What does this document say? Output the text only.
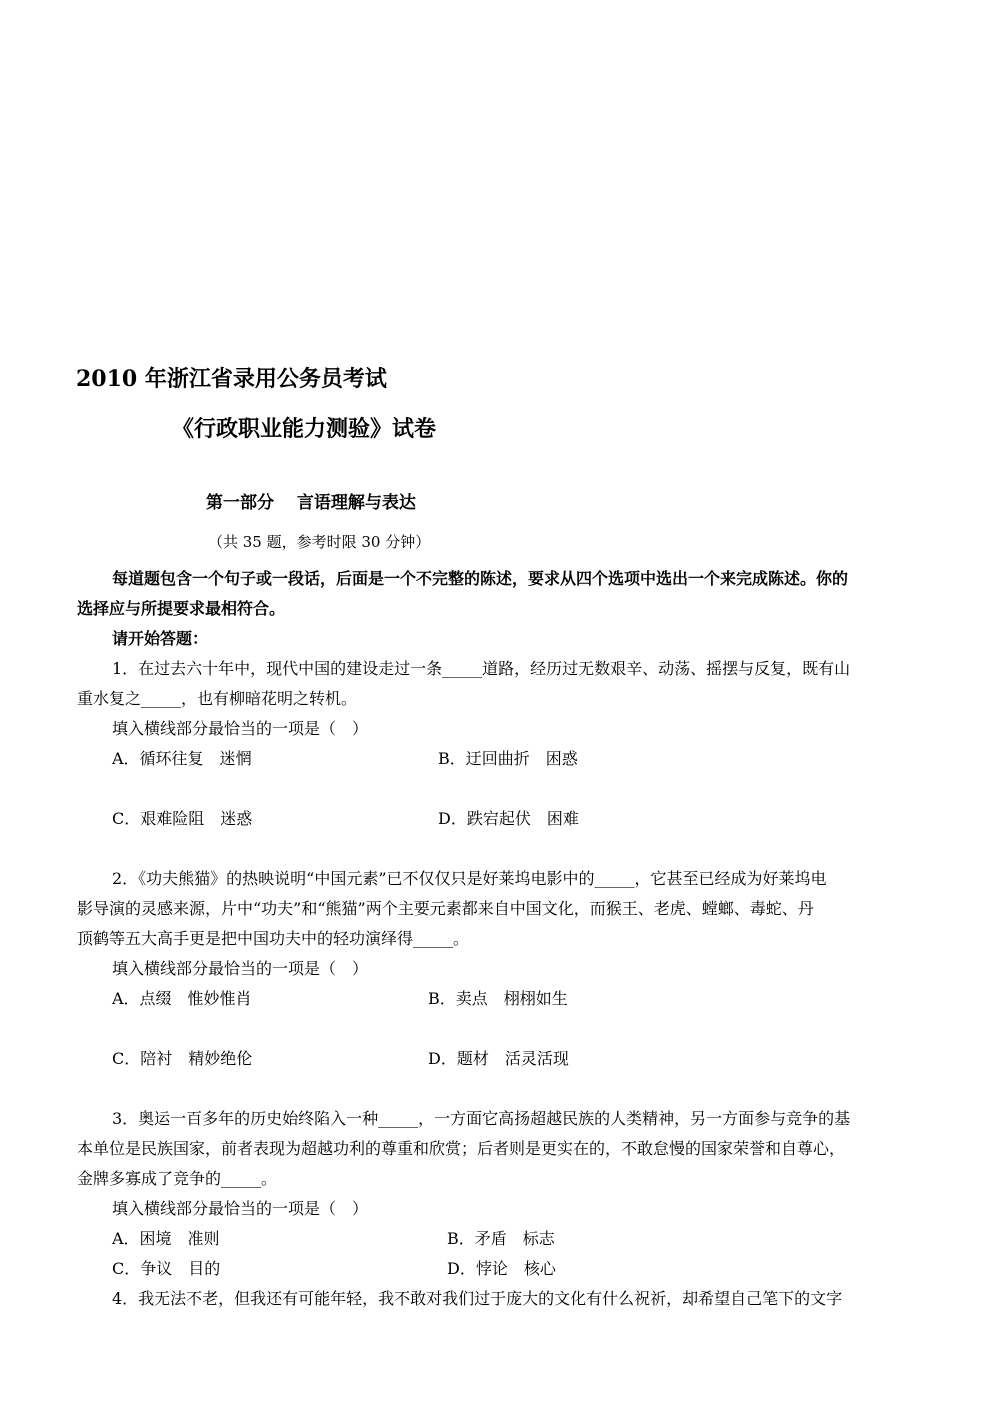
2010 年浙江省录用公务员考试
《行政职业能力测验》试卷
第一部分　 言语理解与表达
（共 35 题，参考时限 30 分钟）
每道题包含一个句子或一段话，后面是一个不完整的陈述，要求从四个选项中选出一个来完成陈述。你的
选择应与所提要求最相符合。
请开始答题：
1．在过去六十年中，现代中国的建设走过一条_____道路，经历过无数艰辛、动荡、摇摆与反复，既有山
重水复之_____，也有柳暗花明之转机。
填入横线部分最恰当的一项是（　）
A．循环往复　迷惘	B．迂回曲折　困惑
C．艰难险阻　迷惑	D．跌宕起伏　困难
2．《功夫熊猫》的热映说明“中国元素”已不仅仅只是好莱坞电影中的_____，它甚至已经成为好莱坞电
影导演的灵感来源，片中“功夫”和“熊猫”两个主要元素都来自中国文化，而猴王、老虎、螳螂、毒蛇、丹
顶鹤等五大高手更是把中国功夫中的轻功演绎得_____。
填入横线部分最恰当的一项是（　）
A．点缀　惟妙惟肖	B．卖点　栩栩如生
C．陪衬　精妙绝伦	D．题材　活灵活现
3．奥运一百多年的历史始终陷入一种_____，一方面它高扬超越民族的人类精神，另一方面参与竞争的基
本单位是民族国家，前者表现为超越功利的尊重和欣赏；后者则是更实在的，不敢怠慢的国家荣誉和自尊心，
金牌多寡成了竞争的_____。
填入横线部分最恰当的一项是（　）
A．困境　准则	B．矛盾　标志
C．争议　目的	D．悖论　核心
4．我无法不老，但我还有可能年轻，我不敢对我们过于庞大的文化有什么祝祈，却希望自己笔下的文字
